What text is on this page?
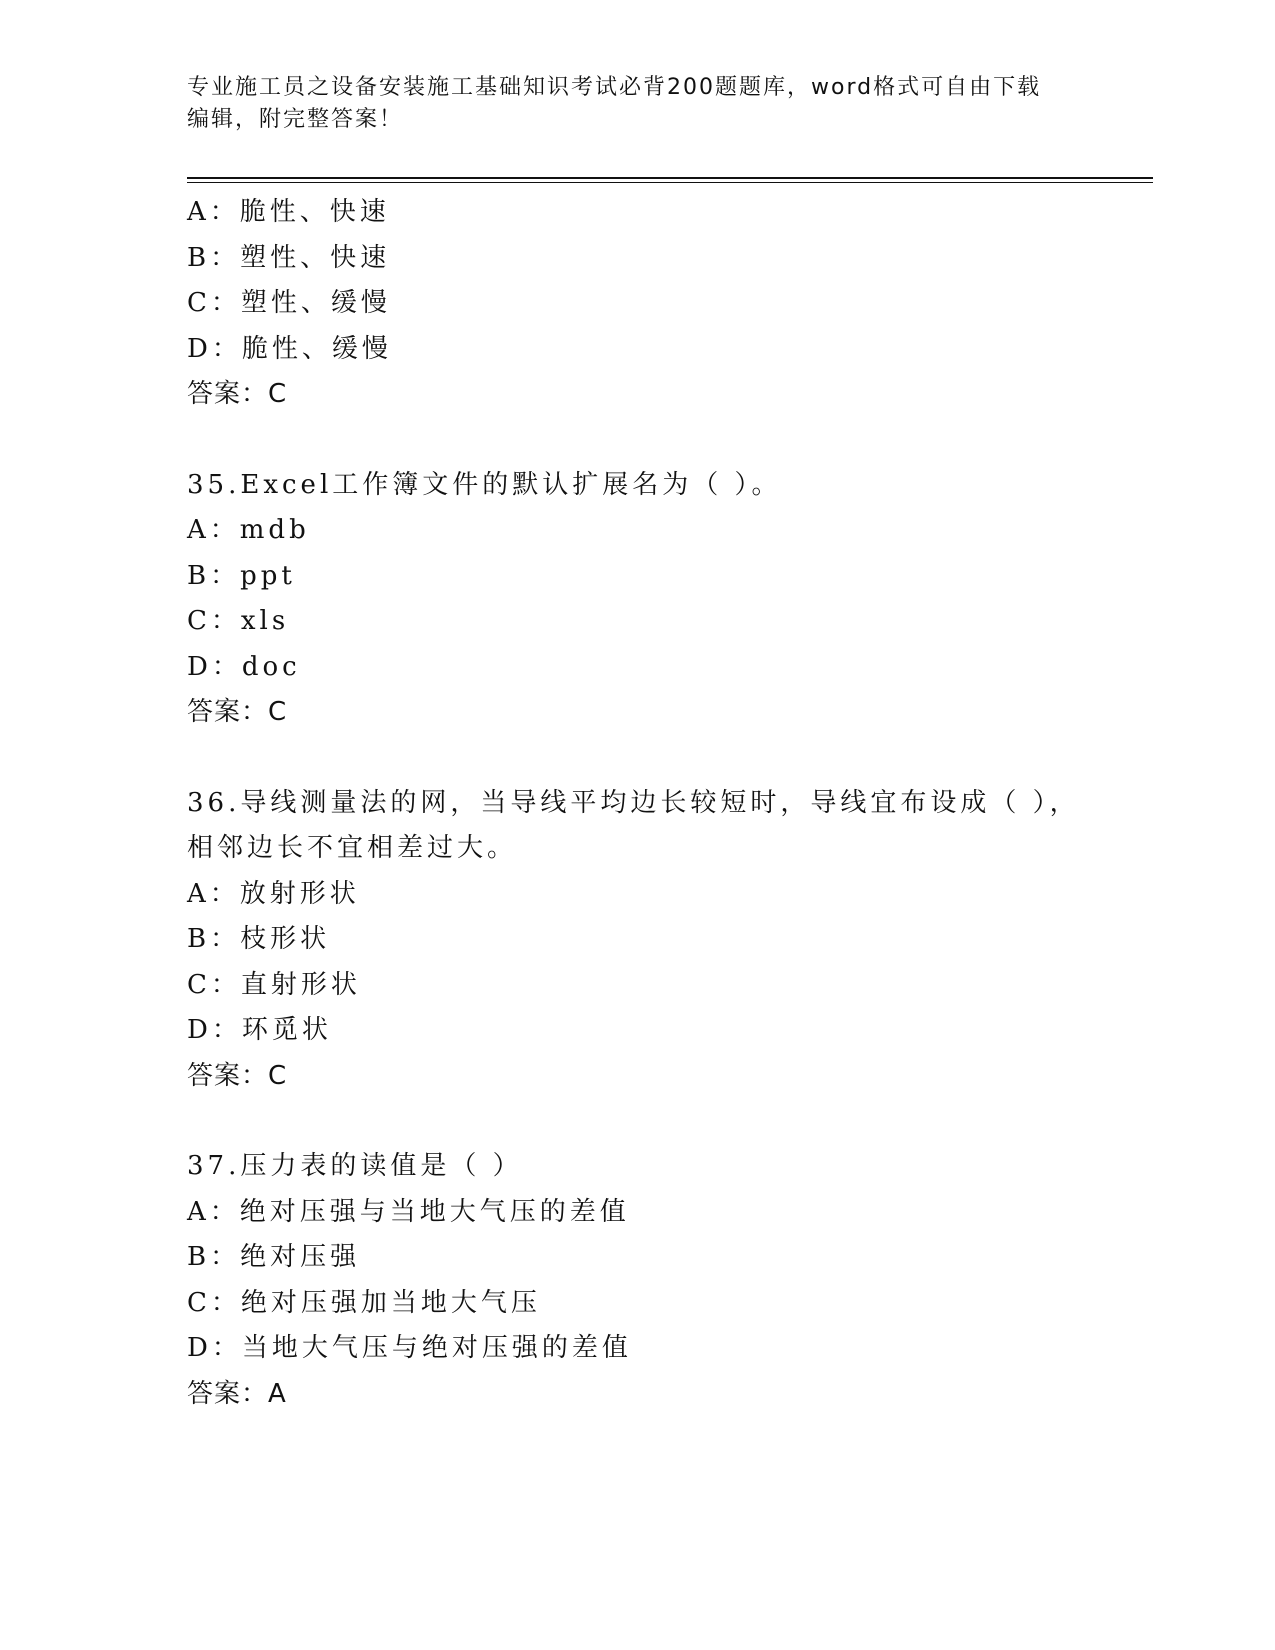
专业施工员之设备安装施工基础知识考试必背200题题库，word格式可自由下载
编辑，附完整答案！
A：脆性、快速
B：塑性、快速
C：塑性、缓慢
D：脆性、缓慢
答案：C
35.Excel工作簿文件的默认扩展名为（ ）。
A：mdb
B：ppt
C：xls
D：doc
答案：C
36.导线测量法的网，当导线平均边长较短时，导线宜布设成（ ），
相邻边长不宜相差过大。
A：放射形状
B：枝形状
C：直射形状
D：环觅状
答案：C
37.压力表的读值是（ ）
A：绝对压强与当地大气压的差值
B：绝对压强
C：绝对压强加当地大气压
D：当地大气压与绝对压强的差值
答案：A
